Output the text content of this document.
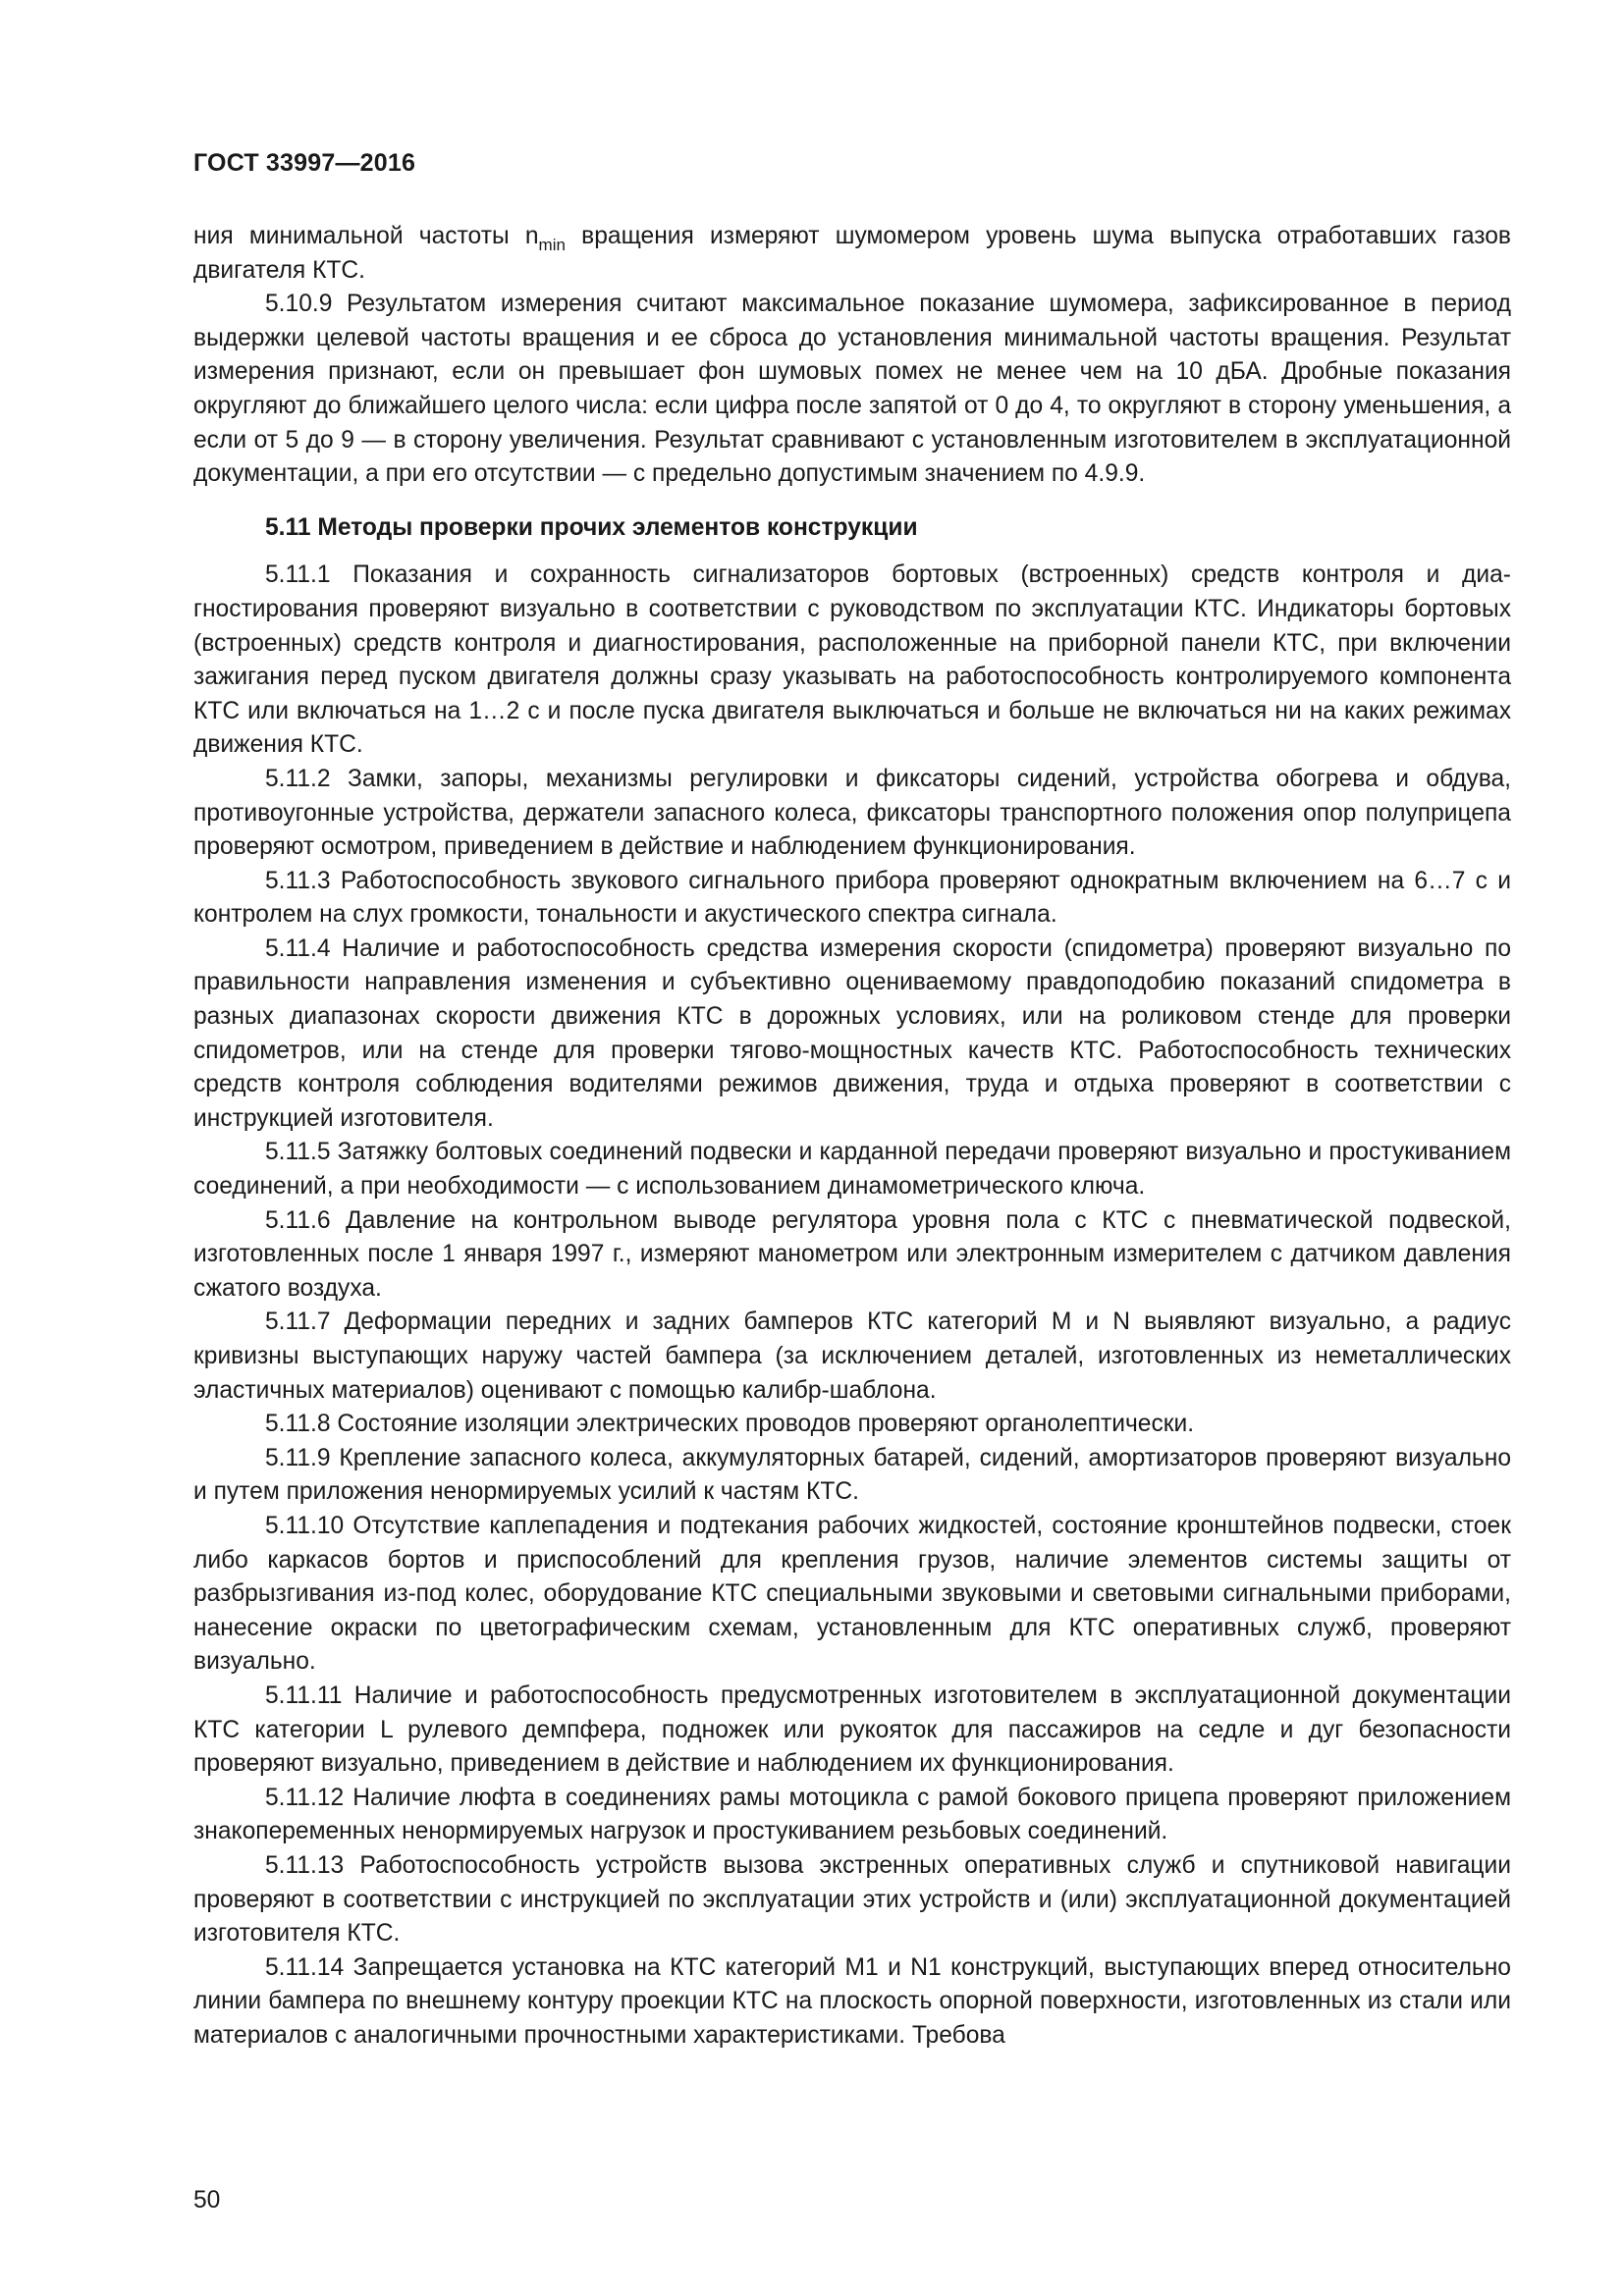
ГОСТ 33997—2016

ния минимальной частоты $n_{min}$ вращения измеряют шумомером уровень шума выпуска отработавших газов двигателя КТС.

5.10.9 Результатом измерения считают максимальное показание шумомера, зафиксированное в период выдержки целевой частоты вращения и ее сброса до установления минимальной частоты вращения. Результат измерения признают, если он превышает фон шумовых помех не менее чем на 10 дБА. Дробные показания округляют до ближайшего целого числа: если цифра после запятой от 0 до 4, то округляют в сторону уменьшения, а если от 5 до 9 — в сторону увеличения. Результат сравнивают с установленным изготовителем в эксплуатационной документации, а при его отсутствии — с предельно допустимым значением по 4.9.9.

5.11 Методы проверки прочих элементов конструкции

5.11.1 Показания и сохранность сигнализаторов бортовых (встроенных) средств контроля и диагностирования проверяют визуально в соответствии с руководством по эксплуатации КТС. Индикаторы бортовых (встроенных) средств контроля и диагностирования, расположенные на приборной панели КТС, при включении зажигания перед пуском двигателя должны сразу указывать на работоспособность контролируемого компонента КТС или включаться на 1…2 с и после пуска двигателя выключаться и больше не включаться ни на каких режимах движения КТС.

5.11.2 Замки, запоры, механизмы регулировки и фиксаторы сидений, устройства обогрева и обдува, противоугонные устройства, держатели запасного колеса, фиксаторы транспортного положения опор полуприцепа проверяют осмотром, приведением в действие и наблюдением функционирования.

5.11.3 Работоспособность звукового сигнального прибора проверяют однократным включением на 6…7 с и контролем на слух громкости, тональности и акустического спектра сигнала.

5.11.4 Наличие и работоспособность средства измерения скорости (спидометра) проверяют визуально по правильности направления изменения и субъективно оцениваемому правдоподобию показаний спидометра в разных диапазонах скорости движения КТС в дорожных условиях, или на роликовом стенде для проверки спидометров, или на стенде для проверки тягово-мощностных качеств КТС. Работоспособность технических средств контроля соблюдения водителями режимов движения, труда и отдыха проверяют в соответствии с инструкцией изготовителя.

5.11.5 Затяжку болтовых соединений подвески и карданной передачи проверяют визуально и простукиванием соединений, а при необходимости — с использованием динамометрического ключа.

5.11.6 Давление на контрольном выводе регулятора уровня пола с КТС с пневматической подвеской, изготовленных после 1 января 1997 г., измеряют манометром или электронным измерителем с датчиком давления сжатого воздуха.

5.11.7 Деформации передних и задних бамперов КТС категорий М и N выявляют визуально, а радиус кривизны выступающих наружу частей бампера (за исключением деталей, изготовленных из неметаллических эластичных материалов) оценивают с помощью калибр-шаблона.

5.11.8 Состояние изоляции электрических проводов проверяют органолептически.

5.11.9 Крепление запасного колеса, аккумуляторных батарей, сидений, амортизаторов проверяют визуально и путем приложения ненормируемых усилий к частям КТС.

5.11.10 Отсутствие каплепадения и подтекания рабочих жидкостей, состояние кронштейнов подвески, стоек либо каркасов бортов и приспособлений для крепления грузов, наличие элементов системы защиты от разбрызгивания из-под колес, оборудование КТС специальными звуковыми и световыми сигнальными приборами, нанесение окраски по цветографическим схемам, установленным для КТС оперативных служб, проверяют визуально.

5.11.11 Наличие и работоспособность предусмотренных изготовителем в эксплуатационной документации КТС категории L рулевого демпфера, подножек или рукояток для пассажиров на седле и дуг безопасности проверяют визуально, приведением в действие и наблюдением их функционирования.

5.11.12 Наличие люфта в соединениях рамы мотоцикла с рамой бокового прицепа проверяют приложением знакопеременных ненормируемых нагрузок и простукиванием резьбовых соединений.

5.11.13 Работоспособность устройств вызова экстренных оперативных служб и спутниковой навигации проверяют в соответствии с инструкцией по эксплуатации этих устройств и (или) эксплуатационной документацией изготовителя КТС.

5.11.14 Запрещается установка на КТС категорий M1 и N1 конструкций, выступающих вперед относительно линии бампера по внешнему контуру проекции КТС на плоскость опорной поверхности, изготовленных из стали или материалов с аналогичными прочностными характеристиками. Требова

50
